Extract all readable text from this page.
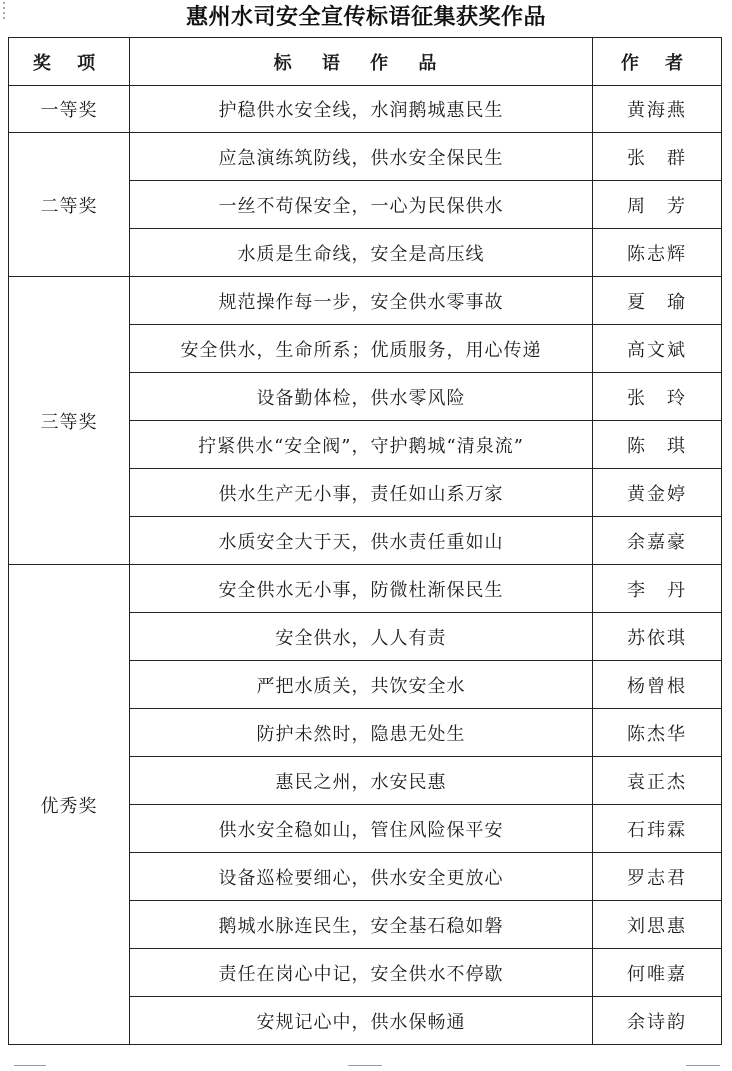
惠州水司安全宣传标语征集获奖作品
奖 项	标 语 作 品	作 者
一等奖	护稳供水安全线，水润鹅城惠民生	黄海燕
二等奖	应急演练筑防线，供水安全保民生	张　群
	一丝不苟保安全，一心为民保供水	周　芳
	水质是生命线，安全是高压线	陈志辉
三等奖	规范操作每一步，安全供水零事故	夏　瑜
	安全供水，生命所系；优质服务，用心传递	高文斌
	设备勤体检，供水零风险	张　玲
	拧紧供水“安全阀”，守护鹅城“清泉流”	陈　琪
	供水生产无小事，责任如山系万家	黄金婷
	水质安全大于天，供水责任重如山	余嘉豪
优秀奖	安全供水无小事，防微杜渐保民生	李　丹
	安全供水，人人有责	苏依琪
	严把水质关，共饮安全水	杨曾根
	防护未然时，隐患无处生	陈杰华
	惠民之州，水安民惠	袁正杰
	供水安全稳如山，管住风险保平安	石玮霖
	设备巡检要细心，供水安全更放心	罗志君
	鹅城水脉连民生，安全基石稳如磐	刘思惠
	责任在岗心中记，安全供水不停歇	何唯嘉
	安规记心中，供水保畅通	余诗韵
